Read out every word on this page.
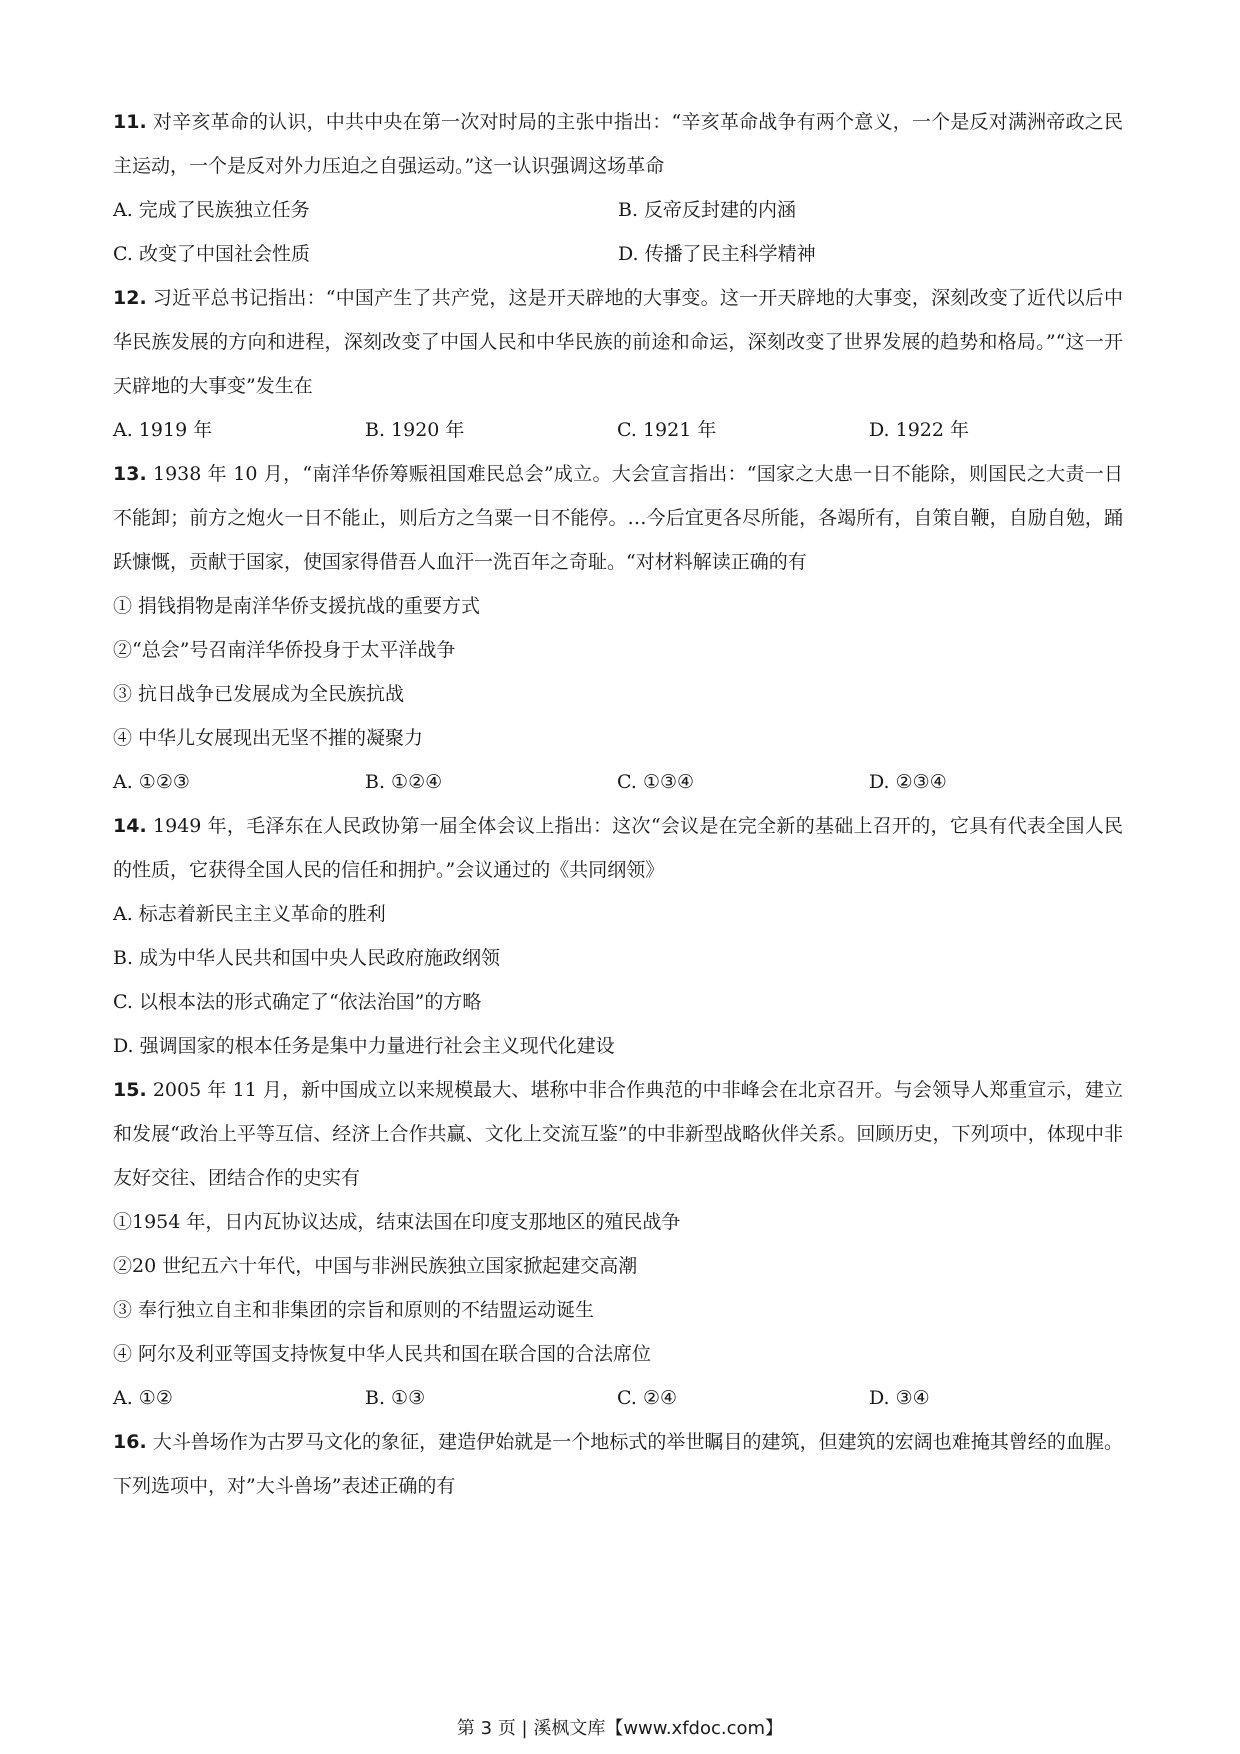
11. 对辛亥革命的认识，中共中央在第一次对时局的主张中指出：“辛亥革命战争有两个意义，一个是反对满洲帝政之民主运动，一个是反对外力压迫之自强运动。”这一认识强调这场革命

A. 完成了民族独立任务	B. 反帝反封建的内涵
C. 改变了中国社会性质	D. 传播了民主科学精神

12. 习近平总书记指出：“中国产生了共产党，这是开天辟地的大事变。这一开天辟地的大事变，深刻改变了近代以后中华民族发展的方向和进程，深刻改变了中国人民和中华民族的前途和命运，深刻改变了世界发展的趋势和格局。”“这一开天辟地的大事变”发生在

A. 1919 年	B. 1920 年	C. 1921 年	D. 1922 年

13. 1938 年 10 月，“南洋华侨筹赈祖国难民总会”成立。大会宣言指出：“国家之大患一日不能除，则国民之大责一日不能卸；前方之炮火一日不能止，则后方之刍粟一日不能停。…今后宜更各尽所能，各竭所有，自策自鞭，自励自勉，踊跃慷慨，贡献于国家，使国家得借吾人血汗一洗百年之奇耻。“对材料解读正确的有

① 捐钱捐物是南洋华侨支援抗战的重要方式

②“总会”号召南洋华侨投身于太平洋战争

③ 抗日战争已发展成为全民族抗战

④ 中华儿女展现出无坚不摧的凝聚力

A. ①②③	B. ①②④	C. ①③④	D. ②③④

14. 1949 年，毛泽东在人民政协第一届全体会议上指出：这次“会议是在完全新的基础上召开的，它具有代表全国人民的性质，它获得全国人民的信任和拥护。”会议通过的《共同纲领》

A. 标志着新民主主义革命的胜利

B. 成为中华人民共和国中央人民政府施政纲领

C. 以根本法的形式确定了“依法治国”的方略

D. 强调国家的根本任务是集中力量进行社会主义现代化建设

15. 2005 年 11 月，新中国成立以来规模最大、堪称中非合作典范的中非峰会在北京召开。与会领导人郑重宣示，建立和发展“政治上平等互信、经济上合作共赢、文化上交流互鉴”的中非新型战略伙伴关系。回顾历史，下列项中，体现中非友好交往、团结合作的史实有

①1954 年，日内瓦协议达成，结束法国在印度支那地区的殖民战争

②20 世纪五六十年代，中国与非洲民族独立国家掀起建交高潮

③ 奉行独立自主和非集团的宗旨和原则的不结盟运动诞生

④ 阿尔及利亚等国支持恢复中华人民共和国在联合国的合法席位

A. ①②	B. ①③	C. ②④	D. ③④

16. 大斗兽场作为古罗马文化的象征，建造伊始就是一个地标式的举世瞩目的建筑，但建筑的宏阔也难掩其曾经的血腥。下列选项中，对”大斗兽场”表述正确的有

第 3 页 | 溪枫文库【www.xfdoc.com】
